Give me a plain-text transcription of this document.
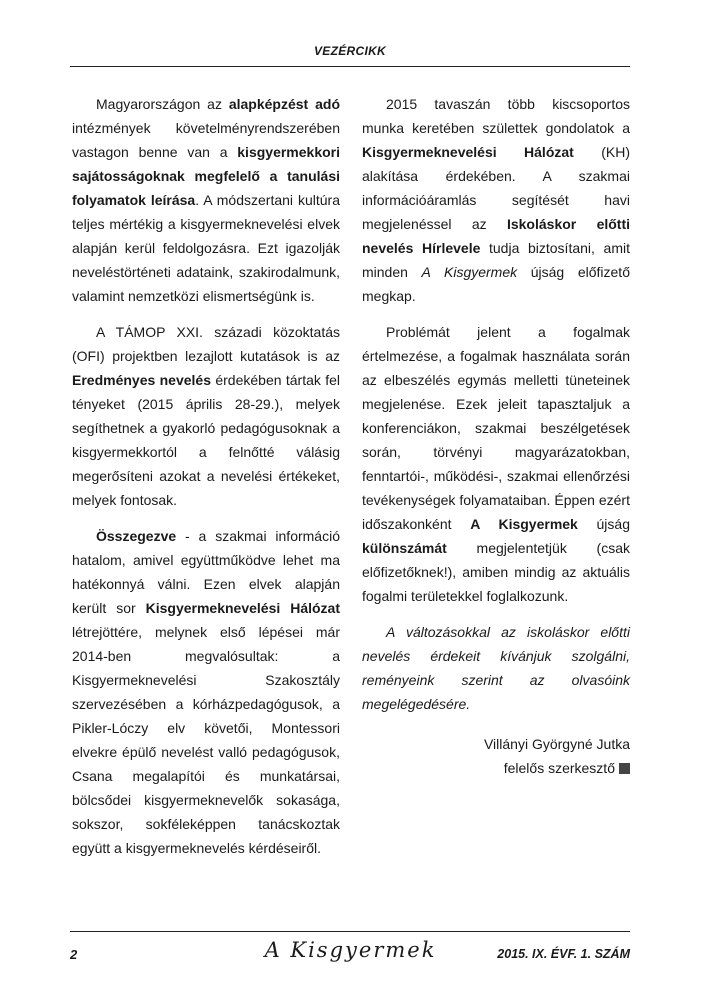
VEZÉRCIKK

Magyarországon az alapképzést adó intézmények követelményrendszerében vastagon benne van a kisgyermekkori sajátosságoknak megfelelő a tanulási folyamatok leírása. A módszertani kultúra teljes mértékig a kisgyermeknevelési elvek alapján kerül feldolgozásra. Ezt igazolják neveléstörténeti adataink, szakirodalmunk, valamint nemzetközi elismertségünk is.

A TÁMOP XXI. századi közoktatás (OFI) projektben lezajlott kutatások is az Eredményes nevelés érdekében tártak fel tényeket (2015 április 28-29.), melyek segíthetnek a gyakorló pedagógusoknak a kisgyermekkortól a felnőtté válásig megerősíteni azokat a nevelési értékeket, melyek fontosak.

Összegezve - a szakmai információ hatalom, amivel együttműködve lehet ma hatékonnyá válni. Ezen elvek alapján került sor Kisgyermeknevelési Hálózat létrejöttére, melynek első lépései már 2014-ben megvalósultak: a Kisgyermeknevelési Szakosztály szervezésében a kórházpedagógusok, a Pikler-Lóczy elv követői, Montessori elvekre épülő nevelést valló pedagógusok, Csana megalapítói és munkatársai, bölcsődei kisgyermeknevelők sokasága, sokszor, sokféleképpen tanácskoztak együtt a kisgyermeknevelés kérdéseiről.

2015 tavaszán több kiscsoportos munka keretében születtek gondolatok a Kisgyermeknevelési Hálózat (KH) alakítása érdekében. A szakmai információáramlás segítését havi megjelenéssel az Iskoláskor előtti nevelés Hírlevele tudja biztosítani, amit minden A Kisgyermek újság előfizető megkap.

Problémát jelent a fogalmak értelmezése, a fogalmak használata során az elbeszélés egymás melletti tüneteinek megjelenése. Ezek jeleit tapasztaljuk a konferenciákon, szakmai beszélgetések során, törvényi magyarázatokban, fenntartói-, működési-, szakmai ellenőrzési tevékenységek folyamataiban. Éppen ezért időszakonként A Kisgyermek újság különszámát megjelentetjük (csak előfizetőknek!), amiben mindig az aktuális fogalmi területekkel foglalkozunk.

A változásokkal az iskoláskor előtti nevelés érdekeit kívánjuk szolgálni, reményeink szerint az olvasóink megelégedésére.

Villányi Györgyné Jutka
felelős szerkesztő

2	A Kisgyermek	2015. IX. ÉVF. 1. SZÁM
